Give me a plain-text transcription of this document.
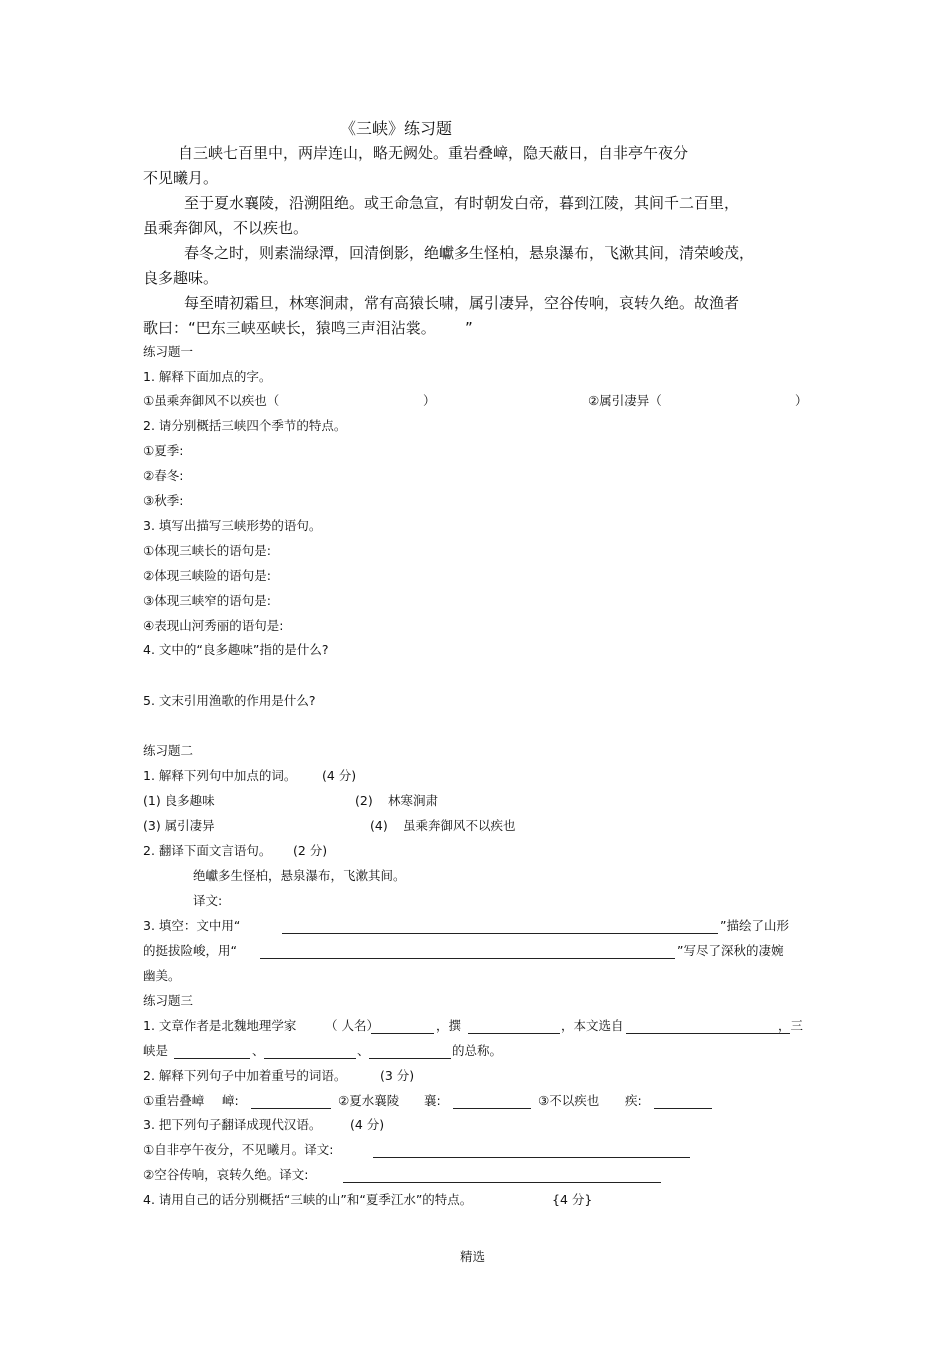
《三峡》练习题
自三峡七百里中，两岸连山，略无阙处。重岩叠嶂，隐天蔽日，自非亭午夜分
不见曦月。
至于夏水襄陵，沿溯阻绝。或王命急宣，有时朝发白帝，暮到江陵，其间千二百里，
虽乘奔御风，不以疾也。
春冬之时，则素湍绿潭，回清倒影，绝巘多生怪柏，悬泉瀑布，飞漱其间，清荣峻茂，
良多趣味。
每至晴初霜旦，林寒涧肃，常有高猿长啸，属引凄异，空谷传响，哀转久绝。故渔者
歌曰：“巴东三峡巫峡长，猿鸣三声泪沾裳。 ”
练习题一
1. 解释下面加点的字。
①虽乘奔御风不以疾也（	）	②属引凄异（	）
2. 请分别概括三峡四个季节的特点。
①夏季:
②春冬:
③秋季:
3. 填写出描写三峡形势的语句。
①体现三峡长的语句是:
②体现三峡险的语句是:
③体现三峡窄的语句是:
④表现山河秀丽的语句是:
4. 文中的“良多趣味”指的是什么?
5. 文末引用渔歌的作用是什么?
练习题二
1. 解释下列句中加点的词。 (4 分)
(1) 良多趣味	(2) 林寒涧肃
(3) 属引凄异	(4) 虽乘奔御风不以疾也
2. 翻译下面文言语句。 (2 分)
绝巘多生怪柏，悬泉瀑布，飞漱其间。
译文:
3. 填空：文中用“	”描绘了山形
的挺拔险峻，用“	”写尽了深秋的凄婉
幽美。
练习题三
1. 文章作者是北魏地理学家 （ 人名）	，撰	，本文选自	，三
峡是	、	、	的总称。
2. 解释下列句子中加着重号的词语。	(3 分)
①重岩叠嶂 嶂:	②夏水襄陵 襄:	③不以疾也 疾:
3. 把下列句子翻译成现代汉语。 (4 分)
①自非亭午夜分，不见曦月。译文:
②空谷传响，哀转久绝。译文:
4. 请用自己的话分别概括“三峡的山”和“夏季江水”的特点。	{4 分}
精选
